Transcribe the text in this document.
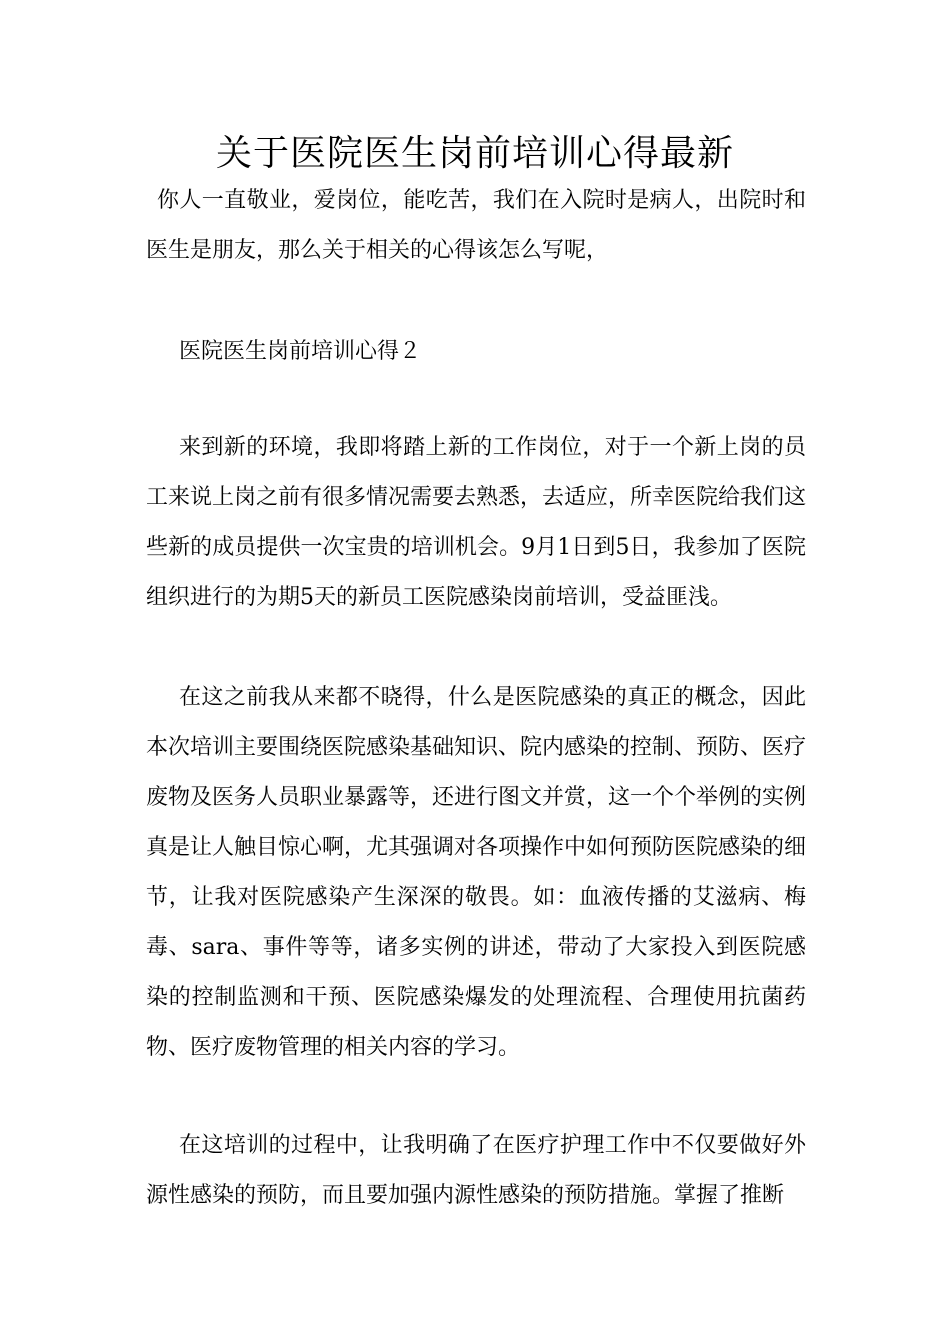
关于医院医生岗前培训心得最新

你人一直敬业，爱岗位，能吃苦，我们在入院时是病人，出院时和医生是朋友，那么关于相关的心得该怎么写呢，

医院医生岗前培训心得２

来到新的环境，我即将踏上新的工作岗位，对于一个新上岗的员工来说上岗之前有很多情况需要去熟悉，去适应，所幸医院给我们这些新的成员提供一次宝贵的培训机会。9月1日到5日，我参加了医院组织进行的为期5天的新员工医院感染岗前培训，受益匪浅。

在这之前我从来都不晓得，什么是医院感染的真正的概念，因此本次培训主要围绕医院感染基础知识、院内感染的控制、预防、医疗废物及医务人员职业暴露等，还进行图文并赏，这一个个举例的实例真是让人触目惊心啊，尤其强调对各项操作中如何预防医院感染的细节，让我对医院感染产生深深的敬畏。如：血液传播的艾滋病、梅毒、sara、事件等等，诸多实例的讲述，带动了大家投入到医院感染的控制监测和干预、医院感染爆发的处理流程、合理使用抗菌药物、医疗废物管理的相关内容的学习。

在这培训的过程中，让我明确了在医疗护理工作中不仅要做好外源性感染的预防，而且要加强内源性感染的预防措施。掌握了推断
